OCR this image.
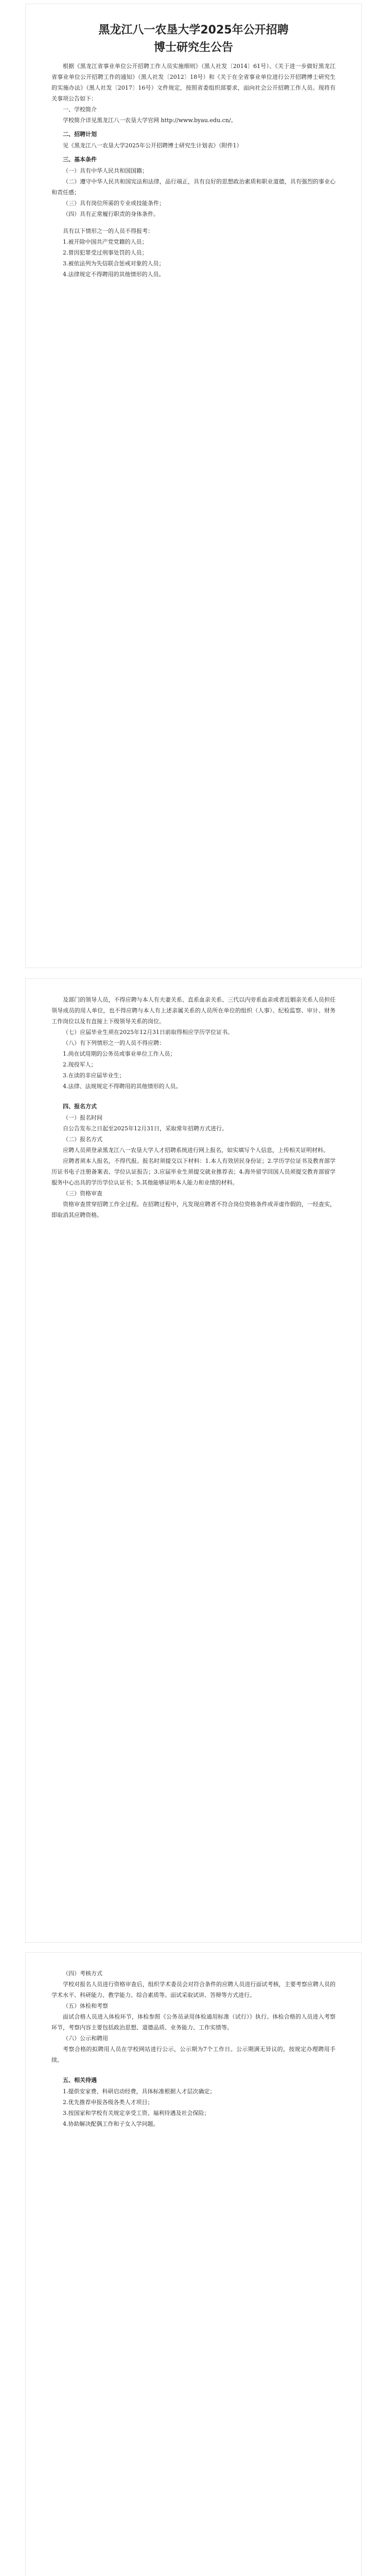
黑龙江八一农垦大学2025年公开招聘
博士研究生公告

根据《黑龙江省事业单位公开招聘工作人员实施细则》（黑人社发〔2014〕61号）、《关于进一步做好黑龙江省事业单位公开招聘工作的通知》（黑人社发〔2012〕18号）和《关于在全省事业单位进行公开招聘博士研究生的实施办法》（黑人社发〔2017〕16号）文件规定，按照省委组织部要求，面向社会公开招聘工作人员。现将有关事项公告如下：

一、学校简介

学校简介详见黑龙江八一农垦大学官网 http://www.byau.edu.cn/。

二、招聘计划

见《黑龙江八一农垦大学2025年公开招聘博士研究生计划表》（附件1）

三、基本条件

（一）具有中华人民共和国国籍；

（二）遵守中华人民共和国宪法和法律，品行端正，具有良好的思想政治素质和职业道德，具有强烈的事业心和责任感；

（三）具有岗位所需的专业或技能条件；

（四）具有正常履行职责的身体条件。

具有以下情形之一的人员不得报考：

1.被开除中国共产党党籍的人员；

2.曾因犯罪受过刑事处罚的人员；

3.被依法列为失信联合惩戒对象的人员；

4.法律规定不得聘用的其他情形的人员。

及部门的领导人员，不得应聘与本人有夫妻关系、直系血亲关系、三代以内旁系血亲或者近姻亲关系人员担任领导成员的用人单位，也不得应聘与本人有上述亲属关系的人员所在单位的组织（人事）、纪检监察、审计、财务工作岗位以及有直接上下级领导关系的岗位。

（七）应届毕业生须在2025年12月31日前取得相应学历学位证书。

（八）有下列情形之一的人员不得应聘：

1.尚在试用期的公务员或事业单位工作人员；

2.现役军人；

3.在读的非应届毕业生；

4.法律、法规规定不得聘用的其他情形的人员。

四、报名方式

（一）报名时间

自公告发布之日起至2025年12月31日，采取常年招聘方式进行。

（二）报名方式

应聘人员须登录黑龙江八一农垦大学人才招聘系统进行网上报名，如实填写个人信息，上传相关证明材料。

应聘者须本人报名，不得代报。报名时须提交以下材料：1.本人有效居民身份证；2.学历学位证书及教育部学历证书电子注册备案表、学位认证报告；3.应届毕业生须提交就业推荐表；4.海外留学回国人员须提交教育部留学服务中心出具的学历学位认证书；5.其他能够证明本人能力和业绩的材料。

（三）资格审查

资格审查贯穿招聘工作全过程。在招聘过程中，凡发现应聘者不符合岗位资格条件或弄虚作假的，一经查实，即取消其应聘资格。

（四）考核方式

学校对报名人员进行资格审查后，组织学术委员会对符合条件的应聘人员进行面试考核，主要考察应聘人员的学术水平、科研能力、教学能力、综合素质等。面试采取试讲、答辩等方式进行。

（五）体检和考察

面试合格人员进入体检环节，体检参照《公务员录用体检通用标准（试行）》执行。体检合格的人员进入考察环节，考察内容主要包括政治思想、道德品质、业务能力、工作实绩等。

（六）公示和聘用

考察合格的拟聘用人员在学校网站进行公示，公示期为7个工作日。公示期满无异议的，按规定办理聘用手续。

五、相关待遇

1.提供安家费、科研启动经费，具体标准根据人才层次确定；

2.优先推荐申报各级各类人才项目；

3.按国家和学校有关规定享受工资、福利待遇及社会保险；

4.协助解决配偶工作和子女入学问题。
